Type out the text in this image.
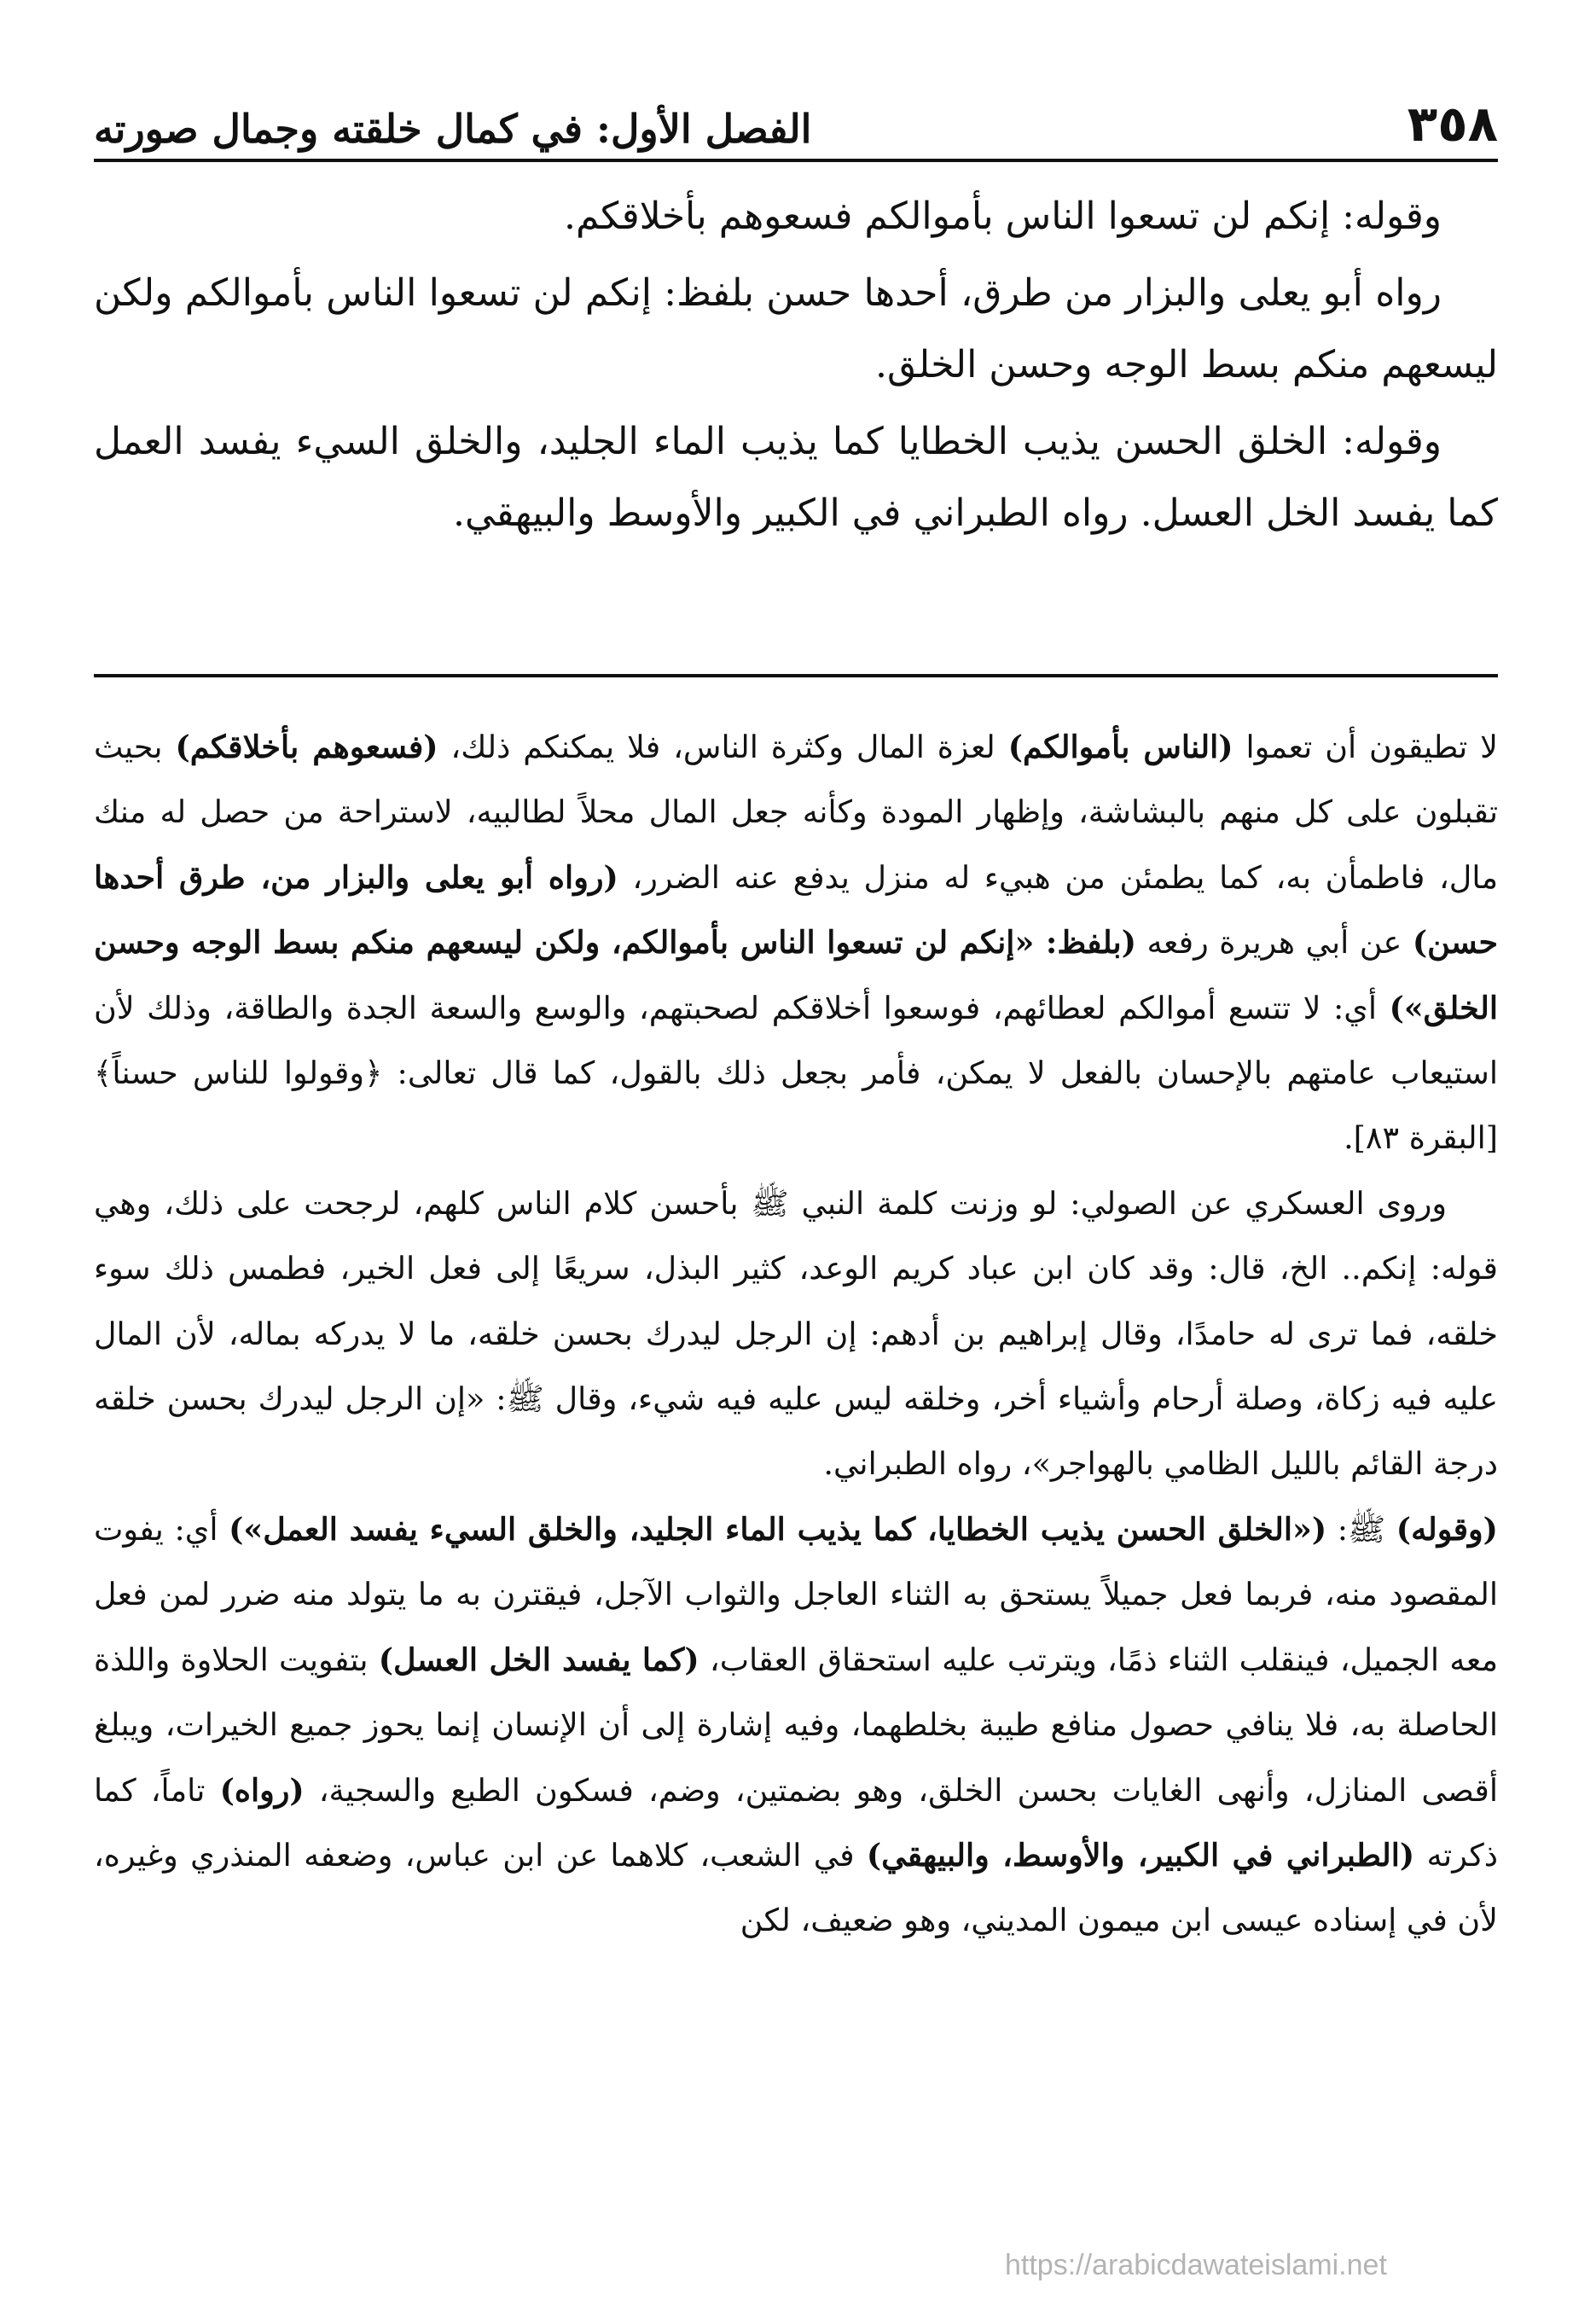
٣٥٨
الفصل الأول: في كمال خلقته وجمال صورته

وقوله: إنكم لن تسعوا الناس بأموالكم فسعوهم بأخلاقكم.

رواه أبو يعلى والبزار من طرق، أحدها حسن بلفظ: إنكم لن تسعوا الناس بأموالكم ولكن ليسعهم منكم بسط الوجه وحسن الخلق.

وقوله: الخلق الحسن يذيب الخطايا كما يذيب الماء الجليد، والخلق السيء يفسد العمل كما يفسد الخل العسل. رواه الطبراني في الكبير والأوسط والبيهقي.

لا تطيقون أن تعموا (الناس بأموالكم) لعزة المال وكثرة الناس، فلا يمكنكم ذلك، (فسعوهم بأخلاقكم) بحيث تقبلون على كل منهم بالبشاشة، وإظهار المودة وكأنه جعل المال محلاً لطالبيه، لاستراحة من حصل له منك مال، فاطمأن به، كما يطمئن من هبيء له منزل يدفع عنه الضرر، (رواه أبو يعلى والبزار من، طرق أحدها حسن) عن أبي هريرة رفعه (بلفظ: «إنكم لن تسعوا الناس بأموالكم، ولكن ليسعهم منكم بسط الوجه وحسن الخلق») أي: لا تتسع أموالكم لعطائهم، فوسعوا أخلاقكم لصحبتهم، والوسع والسعة الجدة والطاقة، وذلك لأن استيعاب عامتهم بالإحسان بالفعل لا يمكن، فأمر بجعل ذلك بالقول، كما قال تعالى: ﴿وقولوا للناس حسناً﴾ [البقرة ٨٣].

وروى العسكري عن الصولي: لو وزنت كلمة النبي ﷺ بأحسن كلام الناس كلهم، لرجحت على ذلك، وهي قوله: إنكم.. الخ، قال: وقد كان ابن عباد كريم الوعد، كثير البذل، سريعًا إلى فعل الخير، فطمس ذلك سوء خلقه، فما ترى له حامدًا، وقال إبراهيم بن أدهم: إن الرجل ليدرك بحسن خلقه، ما لا يدركه بماله، لأن المال عليه فيه زكاة، وصلة أرحام وأشياء أخر، وخلقه ليس عليه فيه شيء، وقال ﷺ: «إن الرجل ليدرك بحسن خلقه درجة القائم بالليل الظامي بالهواجر»، رواه الطبراني.

(وقوله) ﷺ: («الخلق الحسن يذيب الخطايا، كما يذيب الماء الجليد، والخلق السيء يفسد العمل») أي: يفوت المقصود منه، فربما فعل جميلاً يستحق به الثناء العاجل والثواب الآجل، فيقترن به ما يتولد منه ضرر لمن فعل معه الجميل، فينقلب الثناء ذمًا، ويترتب عليه استحقاق العقاب، (كما يفسد الخل العسل) بتفويت الحلاوة واللذة الحاصلة به، فلا ينافي حصول منافع طيبة بخلطهما، وفيه إشارة إلى أن الإنسان إنما يحوز جميع الخيرات، ويبلغ أقصى المنازل، وأنهى الغايات بحسن الخلق، وهو بضمتين، وضم، فسكون الطبع والسجية، (رواه) تاماً، كما ذكرته (الطبراني في الكبير، والأوسط، والبيهقي) في الشعب، كلاهما عن ابن عباس، وضعفه المنذري وغيره، لأن في إسناده عيسى ابن ميمون المديني، وهو ضعيف، لكن

https://arabicdawateislami.net
